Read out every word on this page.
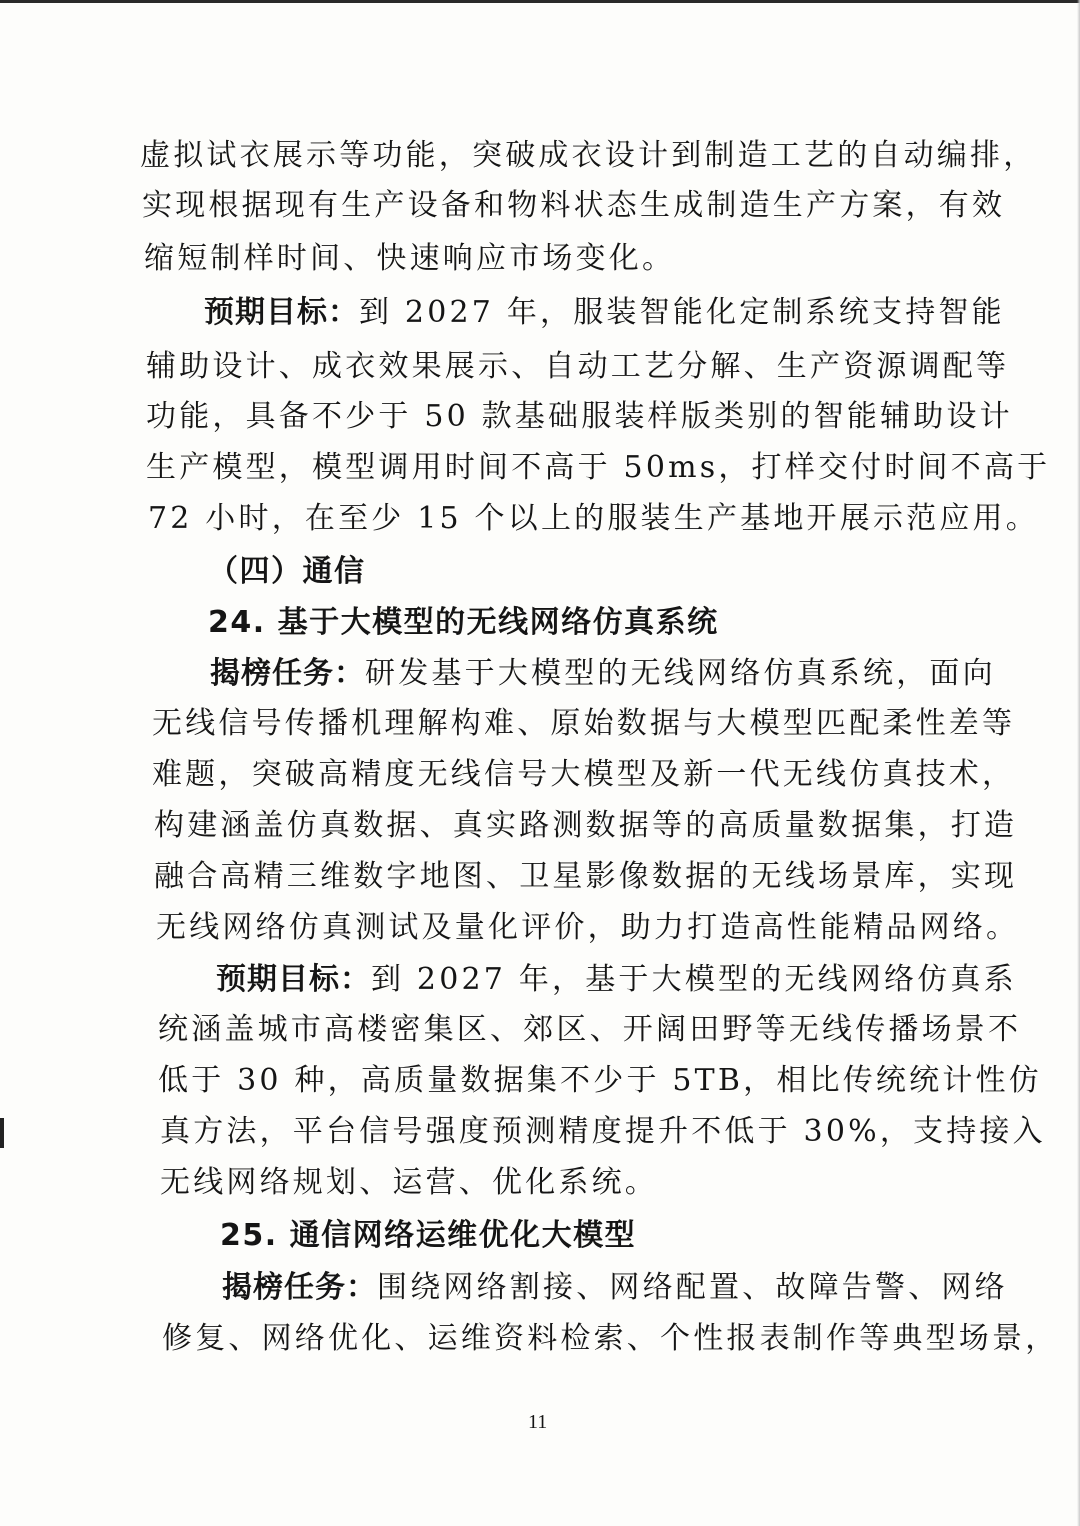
虚拟试衣展示等功能，突破成衣设计到制造工艺的自动编排，
实现根据现有生产设备和物料状态生成制造生产方案，有效
缩短制样时间、快速响应市场变化。
预期目标：到 2027 年，服装智能化定制系统支持智能
辅助设计、成衣效果展示、自动工艺分解、生产资源调配等
功能，具备不少于 50 款基础服装样版类别的智能辅助设计
生产模型，模型调用时间不高于 50ms，打样交付时间不高于
72 小时，在至少 15 个以上的服装生产基地开展示范应用。
（四）通信
24. 基于大模型的无线网络仿真系统
揭榜任务：研发基于大模型的无线网络仿真系统，面向
无线信号传播机理解构难、原始数据与大模型匹配柔性差等
难题，突破高精度无线信号大模型及新一代无线仿真技术，
构建涵盖仿真数据、真实路测数据等的高质量数据集，打造
融合高精三维数字地图、卫星影像数据的无线场景库，实现
无线网络仿真测试及量化评价，助力打造高性能精品网络。
预期目标：到 2027 年，基于大模型的无线网络仿真系
统涵盖城市高楼密集区、郊区、开阔田野等无线传播场景不
低于 30 种，高质量数据集不少于 5TB，相比传统统计性仿
真方法，平台信号强度预测精度提升不低于 30%，支持接入
无线网络规划、运营、优化系统。
25. 通信网络运维优化大模型
揭榜任务：围绕网络割接、网络配置、故障告警、网络
修复、网络优化、运维资料检索、个性报表制作等典型场景，
11
